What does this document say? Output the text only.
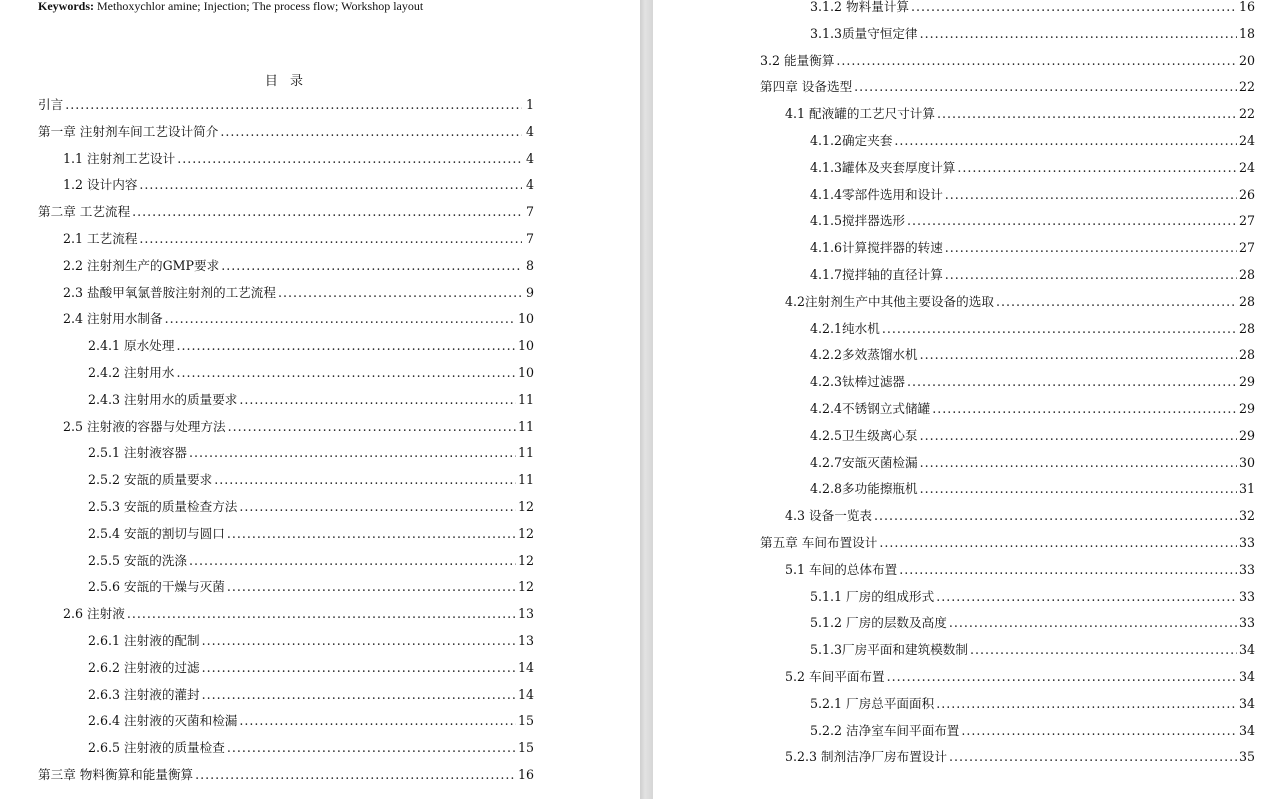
Keywords: Methoxychlor amine; Injection; The process flow; Workshop layout
目 录
引言 .....	1
第一章 注射剂车间工艺设计简介 .....	4
1.1 注射剂工艺设计 .....	4
1.2 设计内容 .....	4
第二章 工艺流程 .....	7
2.1 工艺流程 .....	7
2.2 注射剂生产的GMP要求 .....	8
2.3 盐酸甲氧氯普胺注射剂的工艺流程 .....	9
2.4 注射用水制备 .....	10
2.4.1 原水处理 .....	10
2.4.2 注射用水 .....	10
2.4.3 注射用水的质量要求 .....	11
2.5 注射液的容器与处理方法 .....	11
2.5.1 注射液容器 .....	11
2.5.2 安瓿的质量要求 .....	11
2.5.3 安瓿的质量检查方法 .....	12
2.5.4 安瓿的割切与圆口 .....	12
2.5.5 安瓿的洗涤 .....	12
2.5.6 安瓿的干燥与灭菌 .....	12
2.6 注射液 .....	13
2.6.1 注射液的配制 .....	13
2.6.2 注射液的过滤 .....	14
2.6.3 注射液的灌封 .....	14
2.6.4 注射液的灭菌和检漏 .....	15
2.6.5 注射液的质量检查 .....	15
第三章 物料衡算和能量衡算 .....	16
3.1.2 物料量计算 .....	16
3.1.3质量守恒定律 .....	18
3.2 能量衡算 .....	20
第四章 设备选型 .....	22
4.1 配液罐的工艺尺寸计算 .....	22
4.1.2确定夹套 .....	24
4.1.3罐体及夹套厚度计算 .....	24
4.1.4零部件选用和设计 .....	26
4.1.5搅拌器选形 .....	27
4.1.6计算搅拌器的转速 .....	27
4.1.7搅拌轴的直径计算 .....	28
4.2注射剂生产中其他主要设备的选取 .....	28
4.2.1纯水机 .....	28
4.2.2多效蒸馏水机 .....	28
4.2.3钛棒过滤器 .....	29
4.2.4不锈钢立式储罐 .....	29
4.2.5卫生级离心泵 .....	29
4.2.7安瓿灭菌检漏 .....	30
4.2.8多功能擦瓶机 .....	31
4.3 设备一览表 .....	32
第五章 车间布置设计 .....	33
5.1 车间的总体布置 .....	33
5.1.1 厂房的组成形式 .....	33
5.1.2 厂房的层数及高度 .....	33
5.1.3厂房平面和建筑模数制 .....	34
5.2 车间平面布置 .....	34
5.2.1 厂房总平面面积 .....	34
5.2.2 洁净室车间平面布置 .....	34
5.2.3 制剂洁净厂房布置设计 .....	35
